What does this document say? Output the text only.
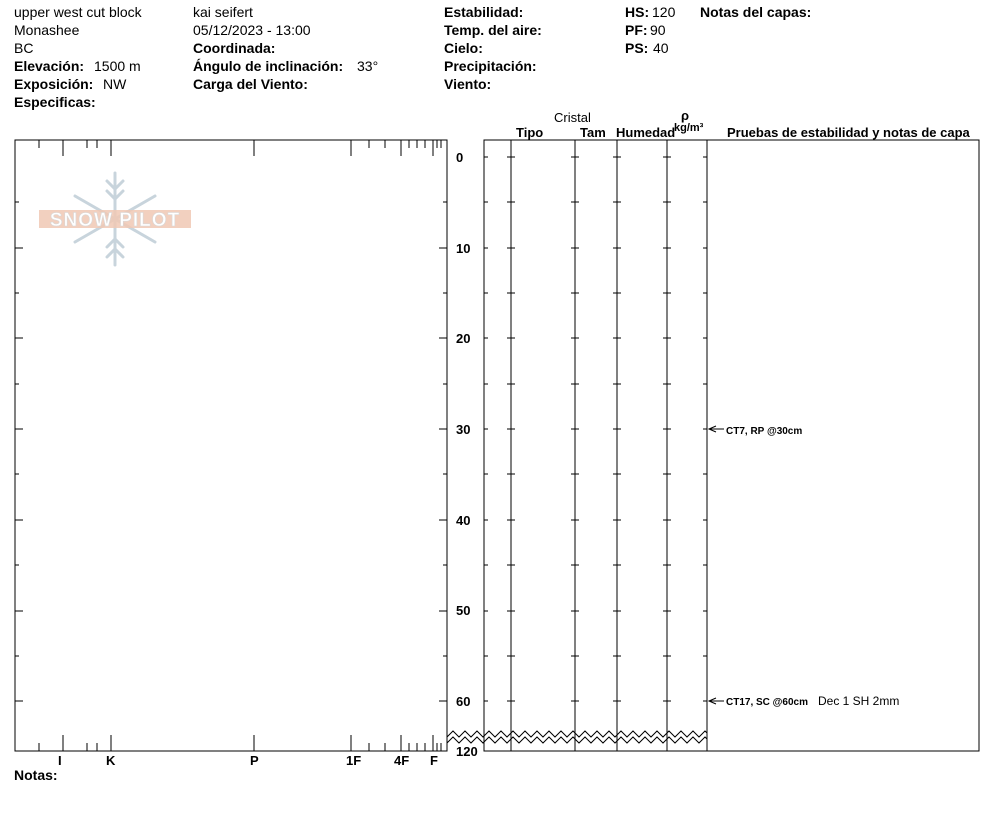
upper west cut block
Monashee
BC
Elevación: 1500 m
Exposición: NW
Especificas:
kai seifert
05/12/2023 - 13:00
Coordinada:
Ángulo de inclinación: 33°
Carga del Viento:
Estabilidad:
Temp. del aire:
Cielo:
Precipitación:
Viento:
HS: 120
PF: 90
PS: 40
Notas del capas:
Cristal
Tipo	Tam Humedad
ρ
kg/m³ Pruebas de estabilidad y notas de capa
SNOW PILOT
CT7, RP @30cm
CT17, SC @60cm Dec 1 SH 2mm
0
10
20
30
40
50
60
120
I	K	P	1F	4F F
Notas:
